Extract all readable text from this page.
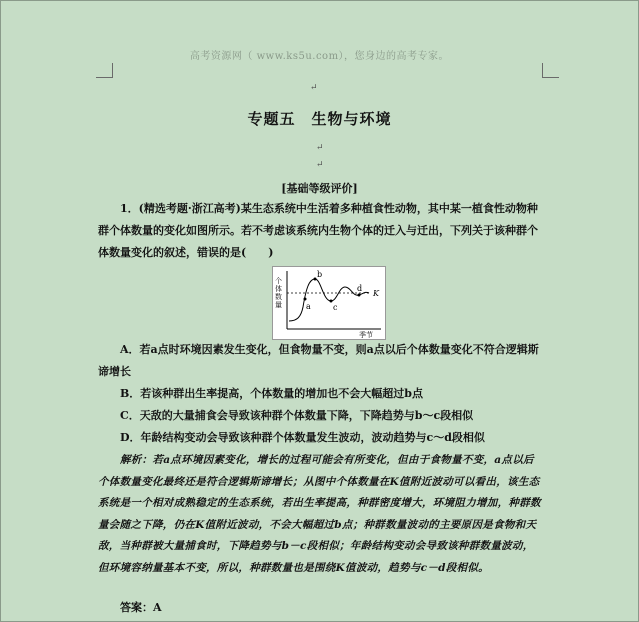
高考资源网（ www.ks5u.com），您身边的高考专家。
↵
专题五　生物与环境
↵
↵
[基础等级评价]
1．(精选考题·浙江高考)某生态系统中生活着多种植食性动物，其中某一植食性动物种群个体数量的变化如图所示。若不考虑该系统内生物个体的迁入与迁出，下列关于该种群个体数量变化的叙述，错误的是(　　)
个 体 数 量
K
a
b
c
d
季节
A．若a点时环境因素发生变化，但食物量不变，则a点以后个体数量变化不符合逻辑斯谛增长
B．若该种群出生率提高，个体数量的增加也不会大幅超过b点
C．天敌的大量捕食会导致该种群个体数量下降，下降趋势与b～c段相似
D．年龄结构变动会导致该种群个体数量发生波动，波动趋势与c～d段相似
解析：若a点环境因素变化，增长的过程可能会有所变化，但由于食物量不变，a点以后个体数量变化最终还是符合逻辑斯谛增长；从图中个体数量在K值附近波动可以看出，该生态系统是一个相对成熟稳定的生态系统，若出生率提高，种群密度增大，环境阻力增加，种群数量会随之下降，仍在K值附近波动，不会大幅超过b点；种群数量波动的主要原因是食物和天敌，当种群被大量捕食时，下降趋势与b－c段相似；年龄结构变动会导致该种群数量波动，但环境容纳量基本不变，所以，种群数量也是围绕K值波动，趋势与c－d段相似。
答案：A
